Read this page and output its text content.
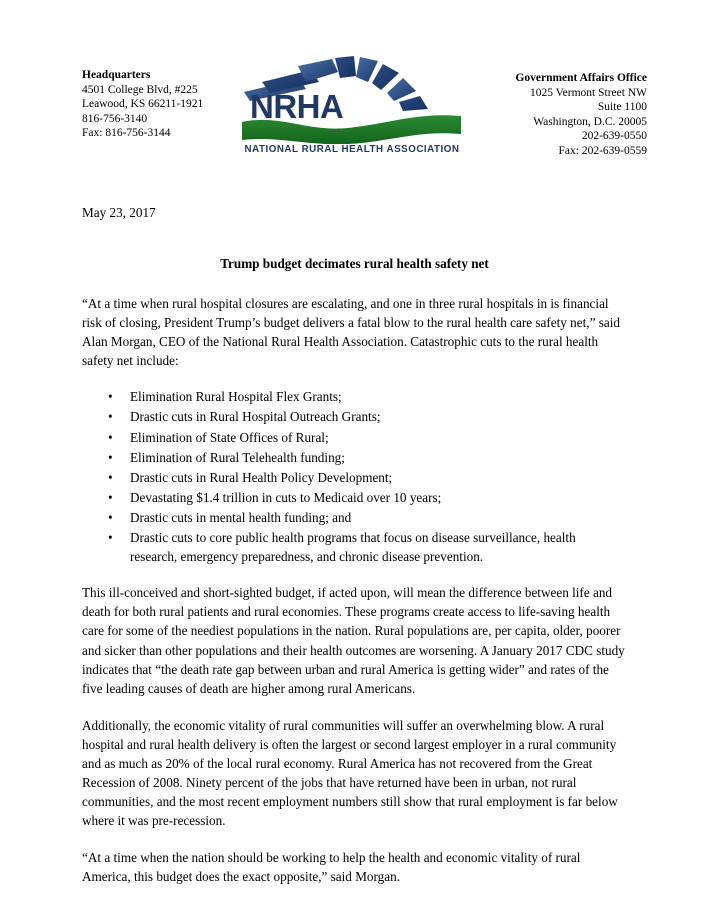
Headquarters
4501 College Blvd, #225
Leawood, KS 66211-1921
816-756-3140
Fax: 816-756-3144
NRHA
NATIONAL RURAL HEALTH ASSOCIATION
Government Affairs Office
1025 Vermont Street NW
Suite 1100
Washington, D.C. 20005
202-639-0550
Fax: 202-639-0559
May 23, 2017
Trump budget decimates rural health safety net

“At a time when rural hospital closures are escalating, and one in three rural hospitals in is financial risk of closing, President Trump’s budget delivers a fatal blow to the rural health care safety net,” said Alan Morgan, CEO of the National Rural Health Association. Catastrophic cuts to the rural health safety net include:

• Elimination Rural Hospital Flex Grants;
• Drastic cuts in Rural Hospital Outreach Grants;
• Elimination of State Offices of Rural;
• Elimination of Rural Telehealth funding;
• Drastic cuts in Rural Health Policy Development;
• Devastating $1.4 trillion in cuts to Medicaid over 10 years;
• Drastic cuts in mental health funding; and
• Drastic cuts to core public health programs that focus on disease surveillance, health research, emergency preparedness, and chronic disease prevention.

This ill-conceived and short-sighted budget, if acted upon, will mean the difference between life and death for both rural patients and rural economies. These programs create access to life-saving health care for some of the neediest populations in the nation. Rural populations are, per capita, older, poorer and sicker than other populations and their health outcomes are worsening. A January 2017 CDC study indicates that “the death rate gap between urban and rural America is getting wider” and rates of the five leading causes of death are higher among rural Americans.

Additionally, the economic vitality of rural communities will suffer an overwhelming blow. A rural hospital and rural health delivery is often the largest or second largest employer in a rural community and as much as 20% of the local rural economy. Rural America has not recovered from the Great Recession of 2008. Ninety percent of the jobs that have returned have been in urban, not rural communities, and the most recent employment numbers still show that rural employment is far below where it was pre-recession.

“At a time when the nation should be working to help the health and economic vitality of rural America, this budget does the exact opposite,” said Morgan.
